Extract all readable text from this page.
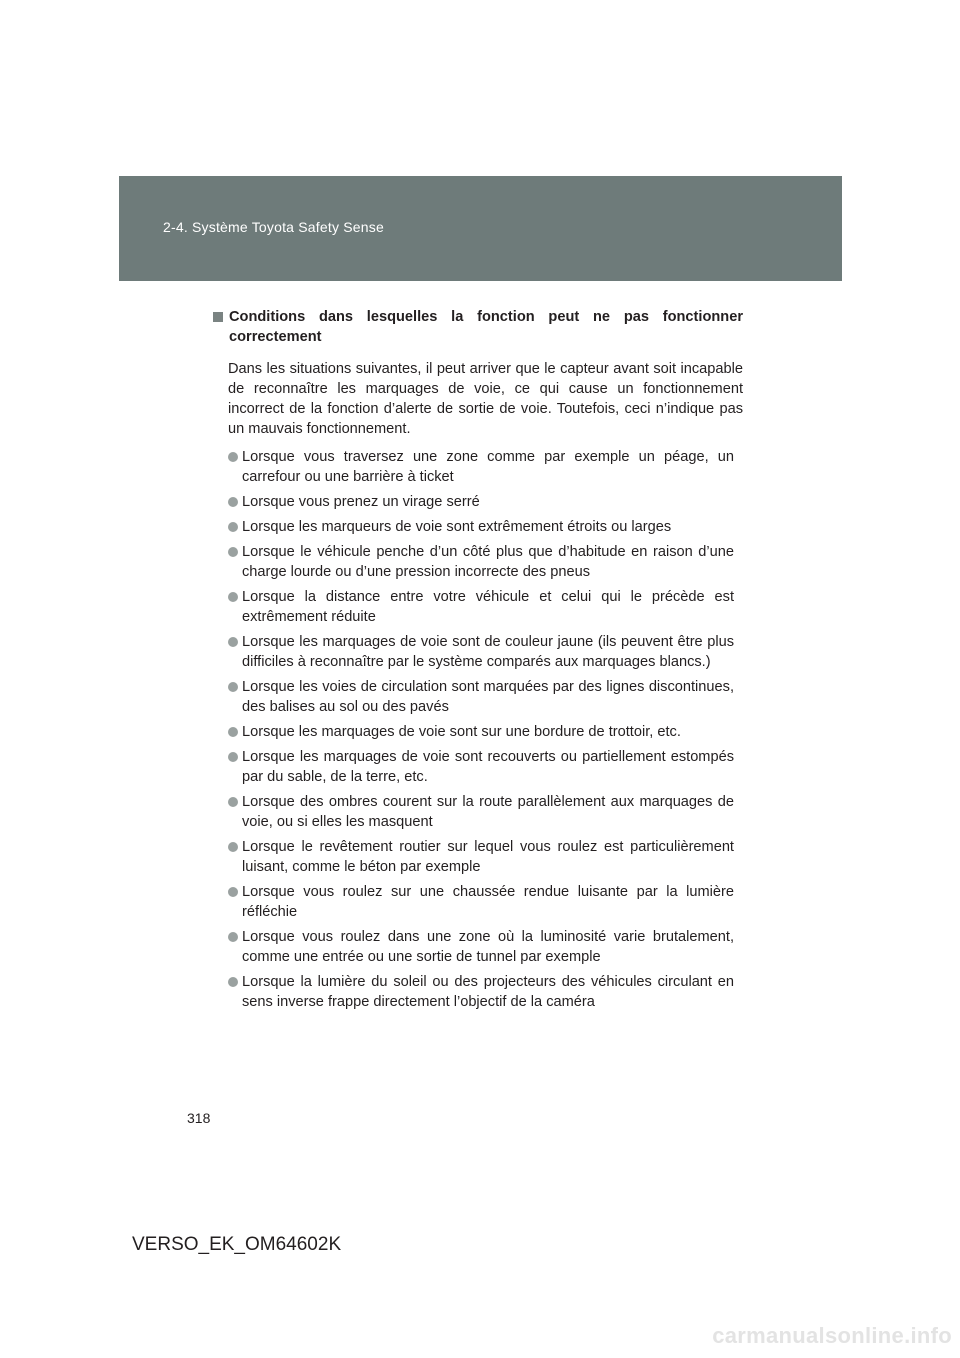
2-4. Système Toyota Safety Sense
Conditions dans lesquelles la fonction peut ne pas fonctionner correctement

Dans les situations suivantes, il peut arriver que le capteur avant soit incapable de reconnaître les marquages de voie, ce qui cause un fonctionnement incorrect de la fonction d’alerte de sortie de voie. Toutefois, ceci n’indique pas un mauvais fonctionnement.

Lorsque vous traversez une zone comme par exemple un péage, un carrefour ou une barrière à ticket
Lorsque vous prenez un virage serré
Lorsque les marqueurs de voie sont extrêmement étroits ou larges
Lorsque le véhicule penche d’un côté plus que d’habitude en raison d’une charge lourde ou d’une pression incorrecte des pneus
Lorsque la distance entre votre véhicule et celui qui le précède est extrêmement réduite
Lorsque les marquages de voie sont de couleur jaune (ils peuvent être plus difficiles à reconnaître par le système comparés aux marquages blancs.)
Lorsque les voies de circulation sont marquées par des lignes discontinues, des balises au sol ou des pavés
Lorsque les marquages de voie sont sur une bordure de trottoir, etc.
Lorsque les marquages de voie sont recouverts ou partiellement estompés par du sable, de la terre, etc.
Lorsque des ombres courent sur la route parallèlement aux marquages de voie, ou si elles les masquent
Lorsque le revêtement routier sur lequel vous roulez est particulièrement luisant, comme le béton par exemple
Lorsque vous roulez sur une chaussée rendue luisante par la lumière réfléchie
Lorsque vous roulez dans une zone où la luminosité varie brutalement, comme une entrée ou une sortie de tunnel par exemple
Lorsque la lumière du soleil ou des projecteurs des véhicules circulant en sens inverse frappe directement l’objectif de la caméra
318
VERSO_EK_OM64602K
carmanualsonline.info
